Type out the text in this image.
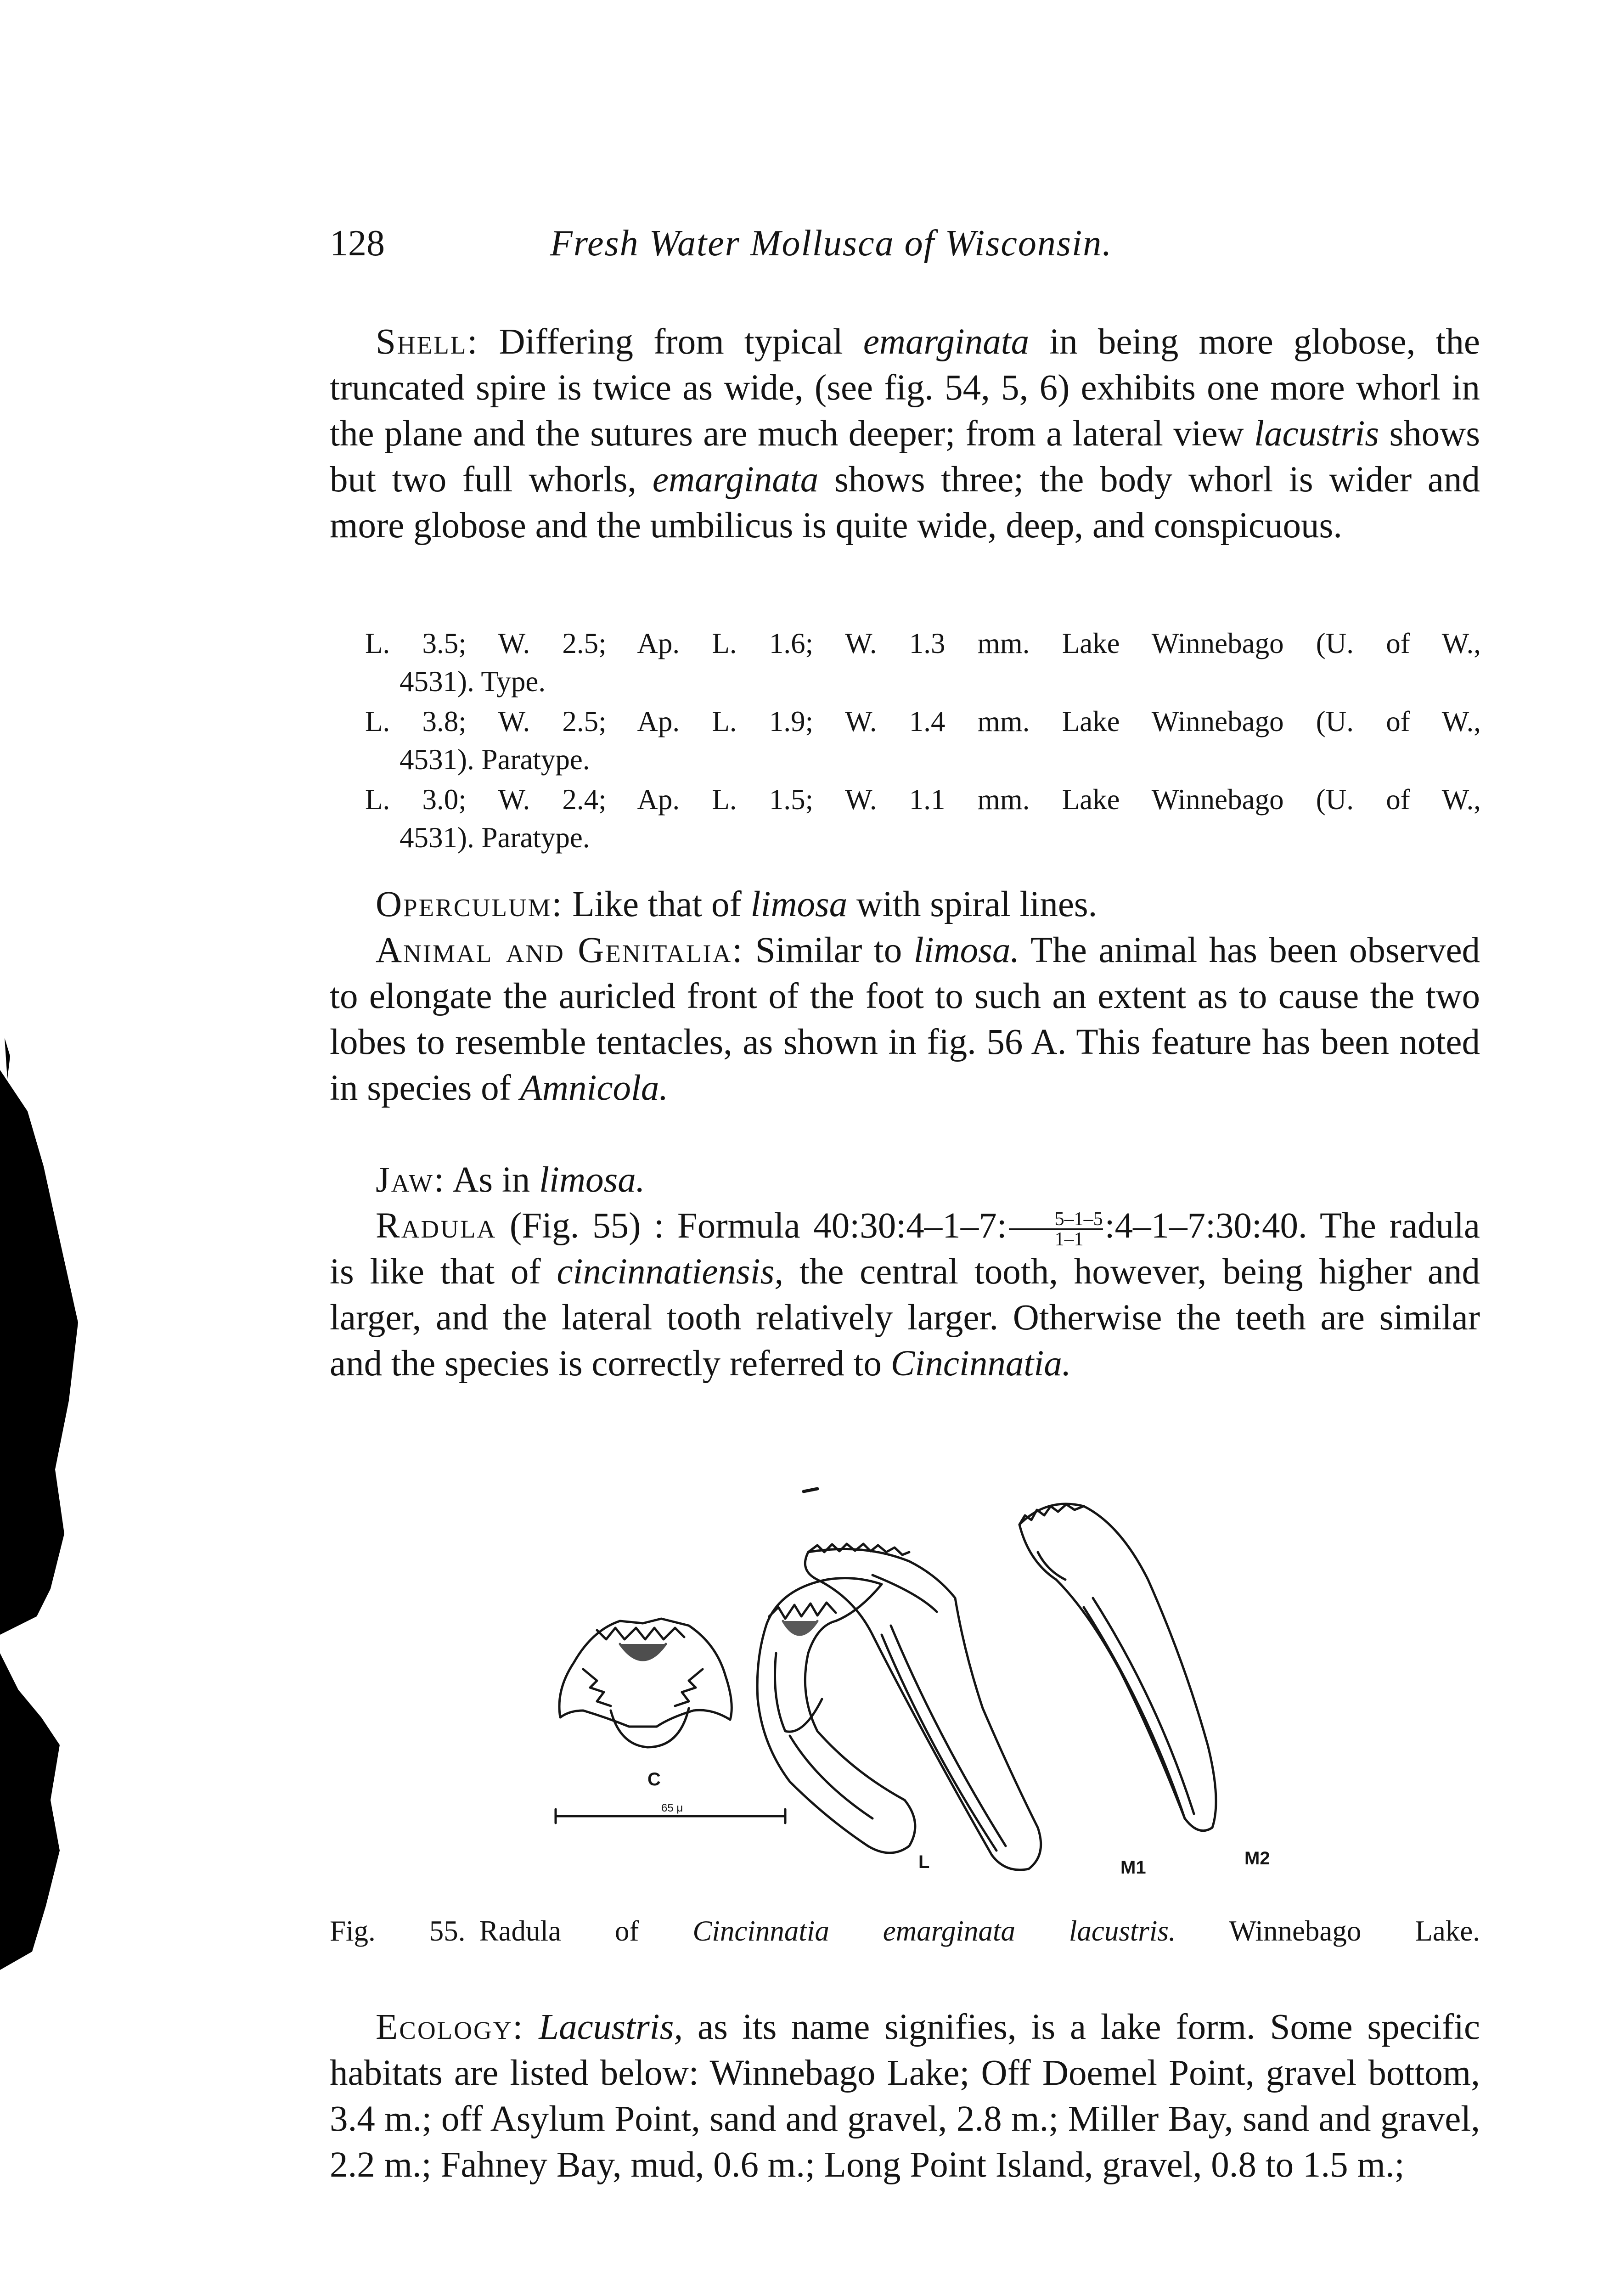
128	Fresh Water Mollusca of Wisconsin.

Shell: Differing from typical emarginata in being more globose, the truncated spire is twice as wide, (see fig. 54, 5, 6) exhibits one more whorl in the plane and the sutures are much deeper; from a lateral view lacustris shows but two full whorls, emarginata shows three; the body whorl is wider and more globose and the umbilicus is quite wide, deep, and conspicuous.

Operculum: Like that of limosa with spiral lines.

Animal and Genitalia: Similar to limosa. The animal has been observed to elongate the auricled front of the foot to such an extent as to cause the two lobes to resemble tentacles, as shown in fig. 56 A. This feature has been noted in species of Amnicola.

Jaw: As in limosa.

Radula (Fig. 55) : Formula 40:30:4–1–7: $\frac{5-1-5}{1-1}$ :4–1–7:30:40. The radula is like that of cincinnatiensis, the central tooth, however, being higher and larger, and the lateral tooth relatively larger. Otherwise the teeth are similar and the species is correctly referred to Cincinnatia.

Ecology: Lacustris, as its name signifies, is a lake form. Some specific habitats are listed below: Winnebago Lake; Off Doemel Point, gravel bottom, 3.4 m.; off Asylum Point, sand and gravel, 2.8 m.; Miller Bay, sand and gravel, 2.2 m.; Fahney Bay, mud, 0.6 m.; Long Point Island, gravel, 0.8 to 1.5 m.;

L. 3.5; W. 2.5; Ap. L. 1.6; W. 1.3 mm. Lake Winnebago (U. of W.,
4531). Type.

L. 3.8; W. 2.5; Ap. L. 1.9; W. 1.4 mm. Lake Winnebago (U. of W.,
4531). Paratype.

L. 3.0; W. 2.4; Ap. L. 1.5; W. 1.1 mm. Lake Winnebago (U. of W.,
4531). Paratype.

C
65 μ
L	M1	M2
Fig. 55. Radula of Cincinnatia emarginata lacustris. Winnebago Lake.
